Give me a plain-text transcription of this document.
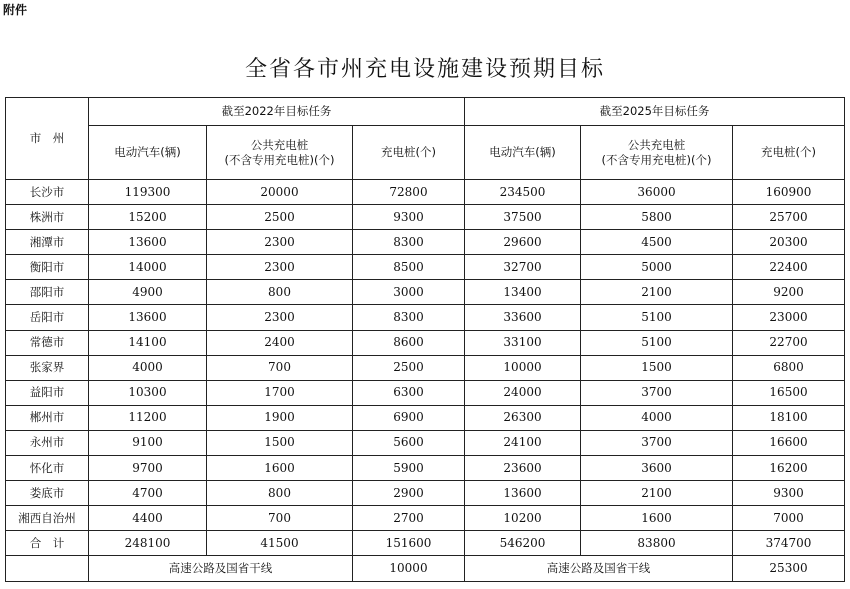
附件
全省各市州充电设施建设预期目标
市　州	截至2022年目标任务			截至2025年目标任务		
	电动汽车(辆)	公共充电桩
(不含专用充电桩)(个)	充电桩(个)	电动汽车(辆)	公共充电桩
(不含专用充电桩)(个)	充电桩(个)
长沙市	119300	20000	72800	234500	36000	160900
株洲市	15200	2500	9300	37500	5800	25700
湘潭市	13600	2300	8300	29600	4500	20300
衡阳市	14000	2300	8500	32700	5000	22400
邵阳市	4900	800	3000	13400	2100	9200
岳阳市	13600	2300	8300	33600	5100	23000
常德市	14100	2400	8600	33100	5100	22700
张家界	4000	700	2500	10000	1500	6800
益阳市	10300	1700	6300	24000	3700	16500
郴州市	11200	1900	6900	26300	4000	18100
永州市	9100	1500	5600	24100	3700	16600
怀化市	9700	1600	5900	23600	3600	16200
娄底市	4700	800	2900	13600	2100	9300
湘西自治州	4400	700	2700	10200	1600	7000
合　计	248100	41500	151600	546200	83800	374700
	高速公路及国省干线		10000	高速公路及国省干线		25300
